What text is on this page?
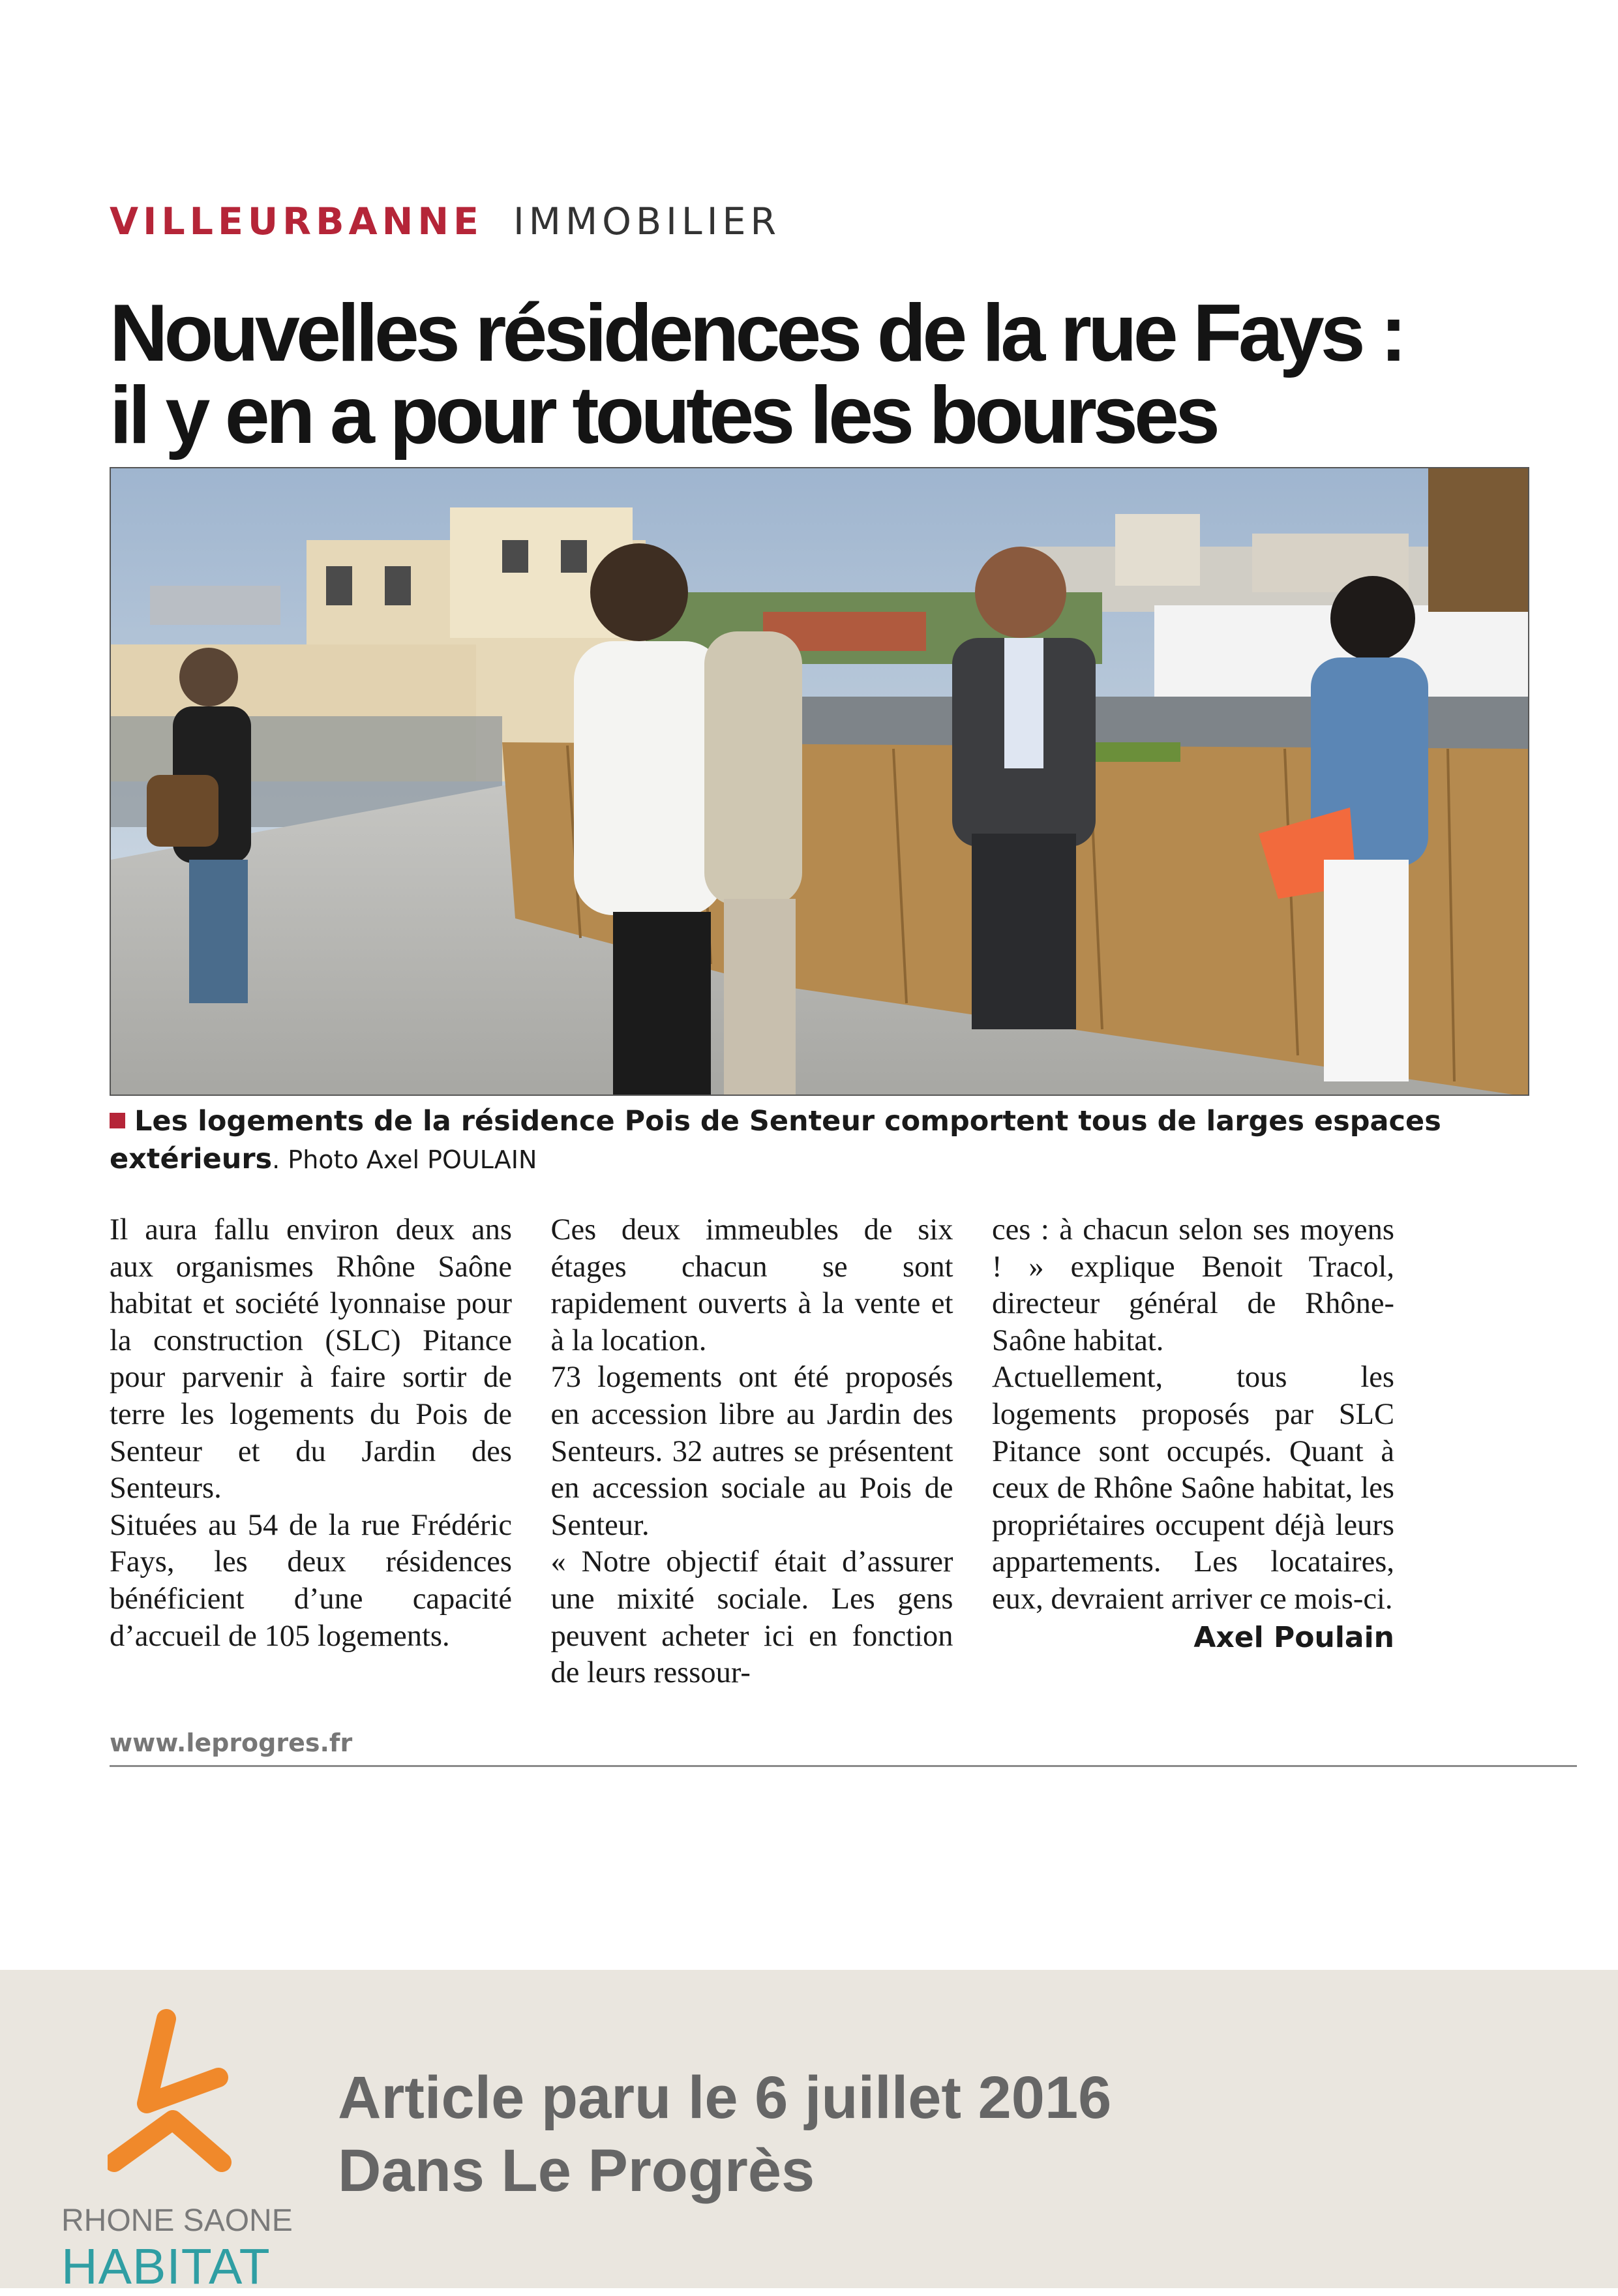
VILLEURBANNE IMMOBILIER
Nouvelles résidences de la rue Fays :
il y en a pour toutes les bourses
Les logements de la résidence Pois de Senteur comportent tous de larges espaces extérieurs. Photo Axel POULAIN

Il aura fallu environ deux ans aux organismes Rhône Saône habitat et société lyonnaise pour la construction (SLC) Pitance pour parvenir à faire sortir de terre les logements du Pois de Senteur et du Jardin des Senteurs.

Situées au 54 de la rue Frédéric Fays, les deux résidences bénéficient d’une capacité d’accueil de 105 logements.

Ces deux immeubles de six étages chacun se sont rapidement ouverts à la vente et à la location.

73 logements ont été proposés en accession libre au Jardin des Senteurs. 32 autres se présentent en accession sociale au Pois de Senteur.

« Notre objectif était d’assurer une mixité sociale. Les gens peuvent acheter ici en fonction de leurs ressour-

ces : à chacun selon ses moyens ! » explique Benoit Tracol, directeur général de Rhône-Saône habitat.

Actuellement, tous les logements proposés par SLC Pitance sont occupés. Quant à ceux de Rhône Saône habitat, les propriétaires occupent déjà leurs appartements. Les locataires, eux, devraient arriver ce mois-ci.

Axel Poulain
www.leprogres.fr
RHONE SAONE
HABITAT
Article paru le 6 juillet 2016
Dans Le Progrès
